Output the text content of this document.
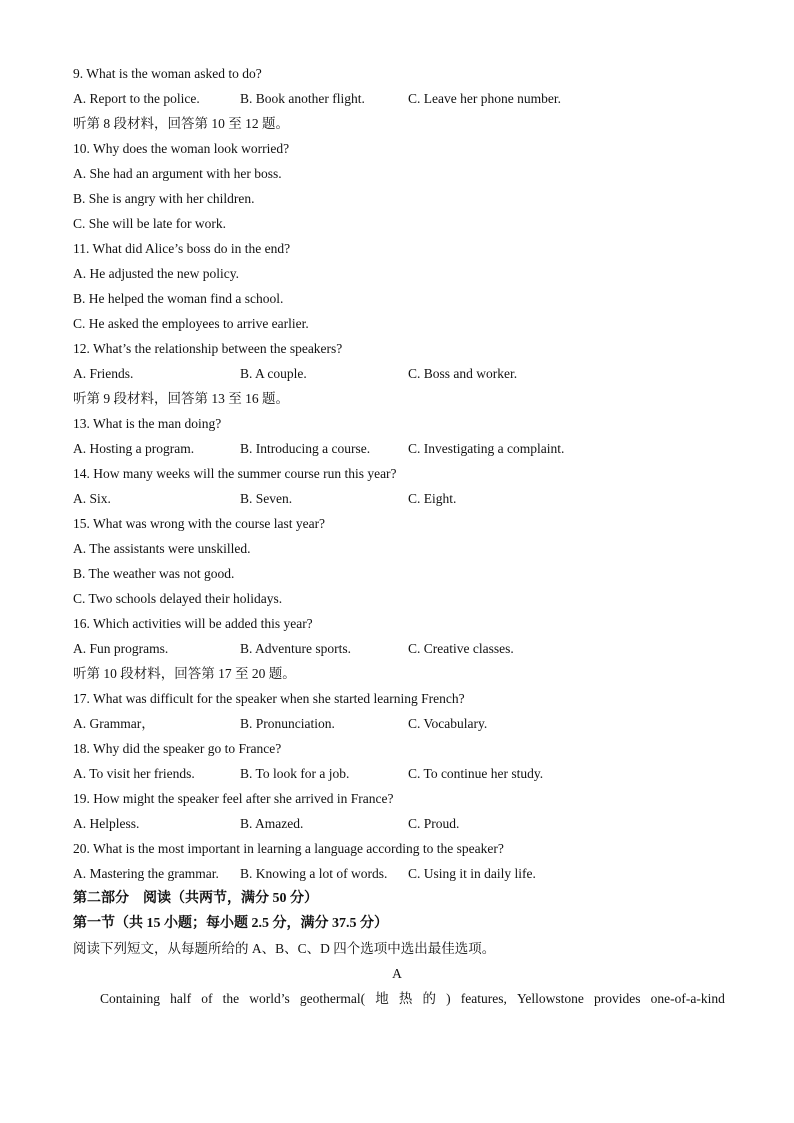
9. What is the woman asked to do?
A. Report to the police.	B. Book another flight.	C. Leave her phone number.
听第 8 段材料，回答第 10 至 12 题。
10. Why does the woman look worried?
A. She had an argument with her boss.
B. She is angry with her children.
C. She will be late for work.
11. What did Alice’s boss do in the end?
A. He adjusted the new policy.
B. He helped the woman find a school.
C. He asked the employees to arrive earlier.
12. What’s the relationship between the speakers?
A. Friends.	B. A couple.	C. Boss and worker.
听第 9 段材料，回答第 13 至 16 题。
13. What is the man doing?
A. Hosting a program.	B. Introducing a course.	C. Investigating a complaint.
14. How many weeks will the summer course run this year?
A. Six.	B. Seven.	C. Eight.
15. What was wrong with the course last year?
A. The assistants were unskilled.
B. The weather was not good.
C. Two schools delayed their holidays.
16. Which activities will be added this year?
A. Fun programs.	B. Adventure sports.	C. Creative classes.
听第 10 段材料，回答第 17 至 20 题。
17. What was difficult for the speaker when she started learning French?
A. Grammar，	B. Pronunciation.	C. Vocabulary.
18. Why did the speaker go to France?
A. To visit her friends.	B. To look for a job.	C. To continue her study.
19. How might the speaker feel after she arrived in France?
A. Helpless.	B. Amazed.	C. Proud.
20. What is the most important in learning a language according to the speaker?
A. Mastering the grammar. B. Knowing a lot of words. C. Using it in daily life.
第二部分　阅读（共两节，满分 50 分）
第一节（共 15 小题；每小题 2.5 分，满分 37.5 分）
阅读下列短文，从每题所给的 A、B、C、D 四个选项中选出最佳选项。
A
Containing half of the world’s geothermal( 地 热 的 ) features, Yellowstone provides one-of-a-kind
